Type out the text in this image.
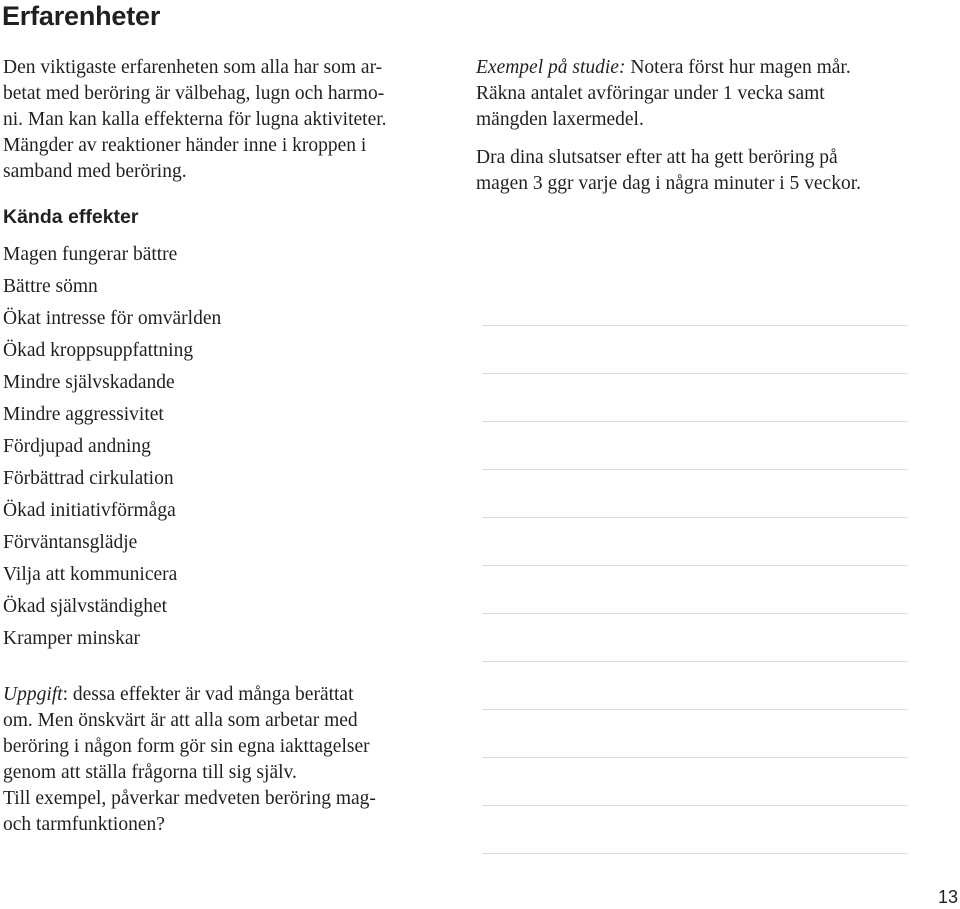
Erfarenheter

Den viktigaste erfarenheten som alla har som ar-
betat med beröring är välbehag, lugn och harmo-
ni. Man kan kalla effekterna för lugna aktiviteter.
Mängder av reaktioner händer inne i kroppen i
samband med beröring.

Kända effekter
Magen fungerar bättre
Bättre sömn
Ökat intresse för omvärlden
Ökad kroppsuppfattning
Mindre självskadande
Mindre aggressivitet
Fördjupad andning
Förbättrad cirkulation
Ökad initiativförmåga
Förväntansglädje
Vilja att kommunicera
Ökad självständighet
Kramper minskar

Uppgift: dessa effekter är vad många berättat
om. Men önskvärt är att alla som arbetar med
beröring i någon form gör sin egna iakttagelser
genom att ställa frågorna till sig själv.
Till exempel, påverkar medveten beröring mag-
och tarmfunktionen?

Exempel på studie: Notera först hur magen mår.
Räkna antalet avföringar under 1 vecka samt
mängden laxermedel.

Dra dina slutsatser efter att ha gett beröring på
magen 3 ggr varje dag i några minuter i 5 veckor.

13
